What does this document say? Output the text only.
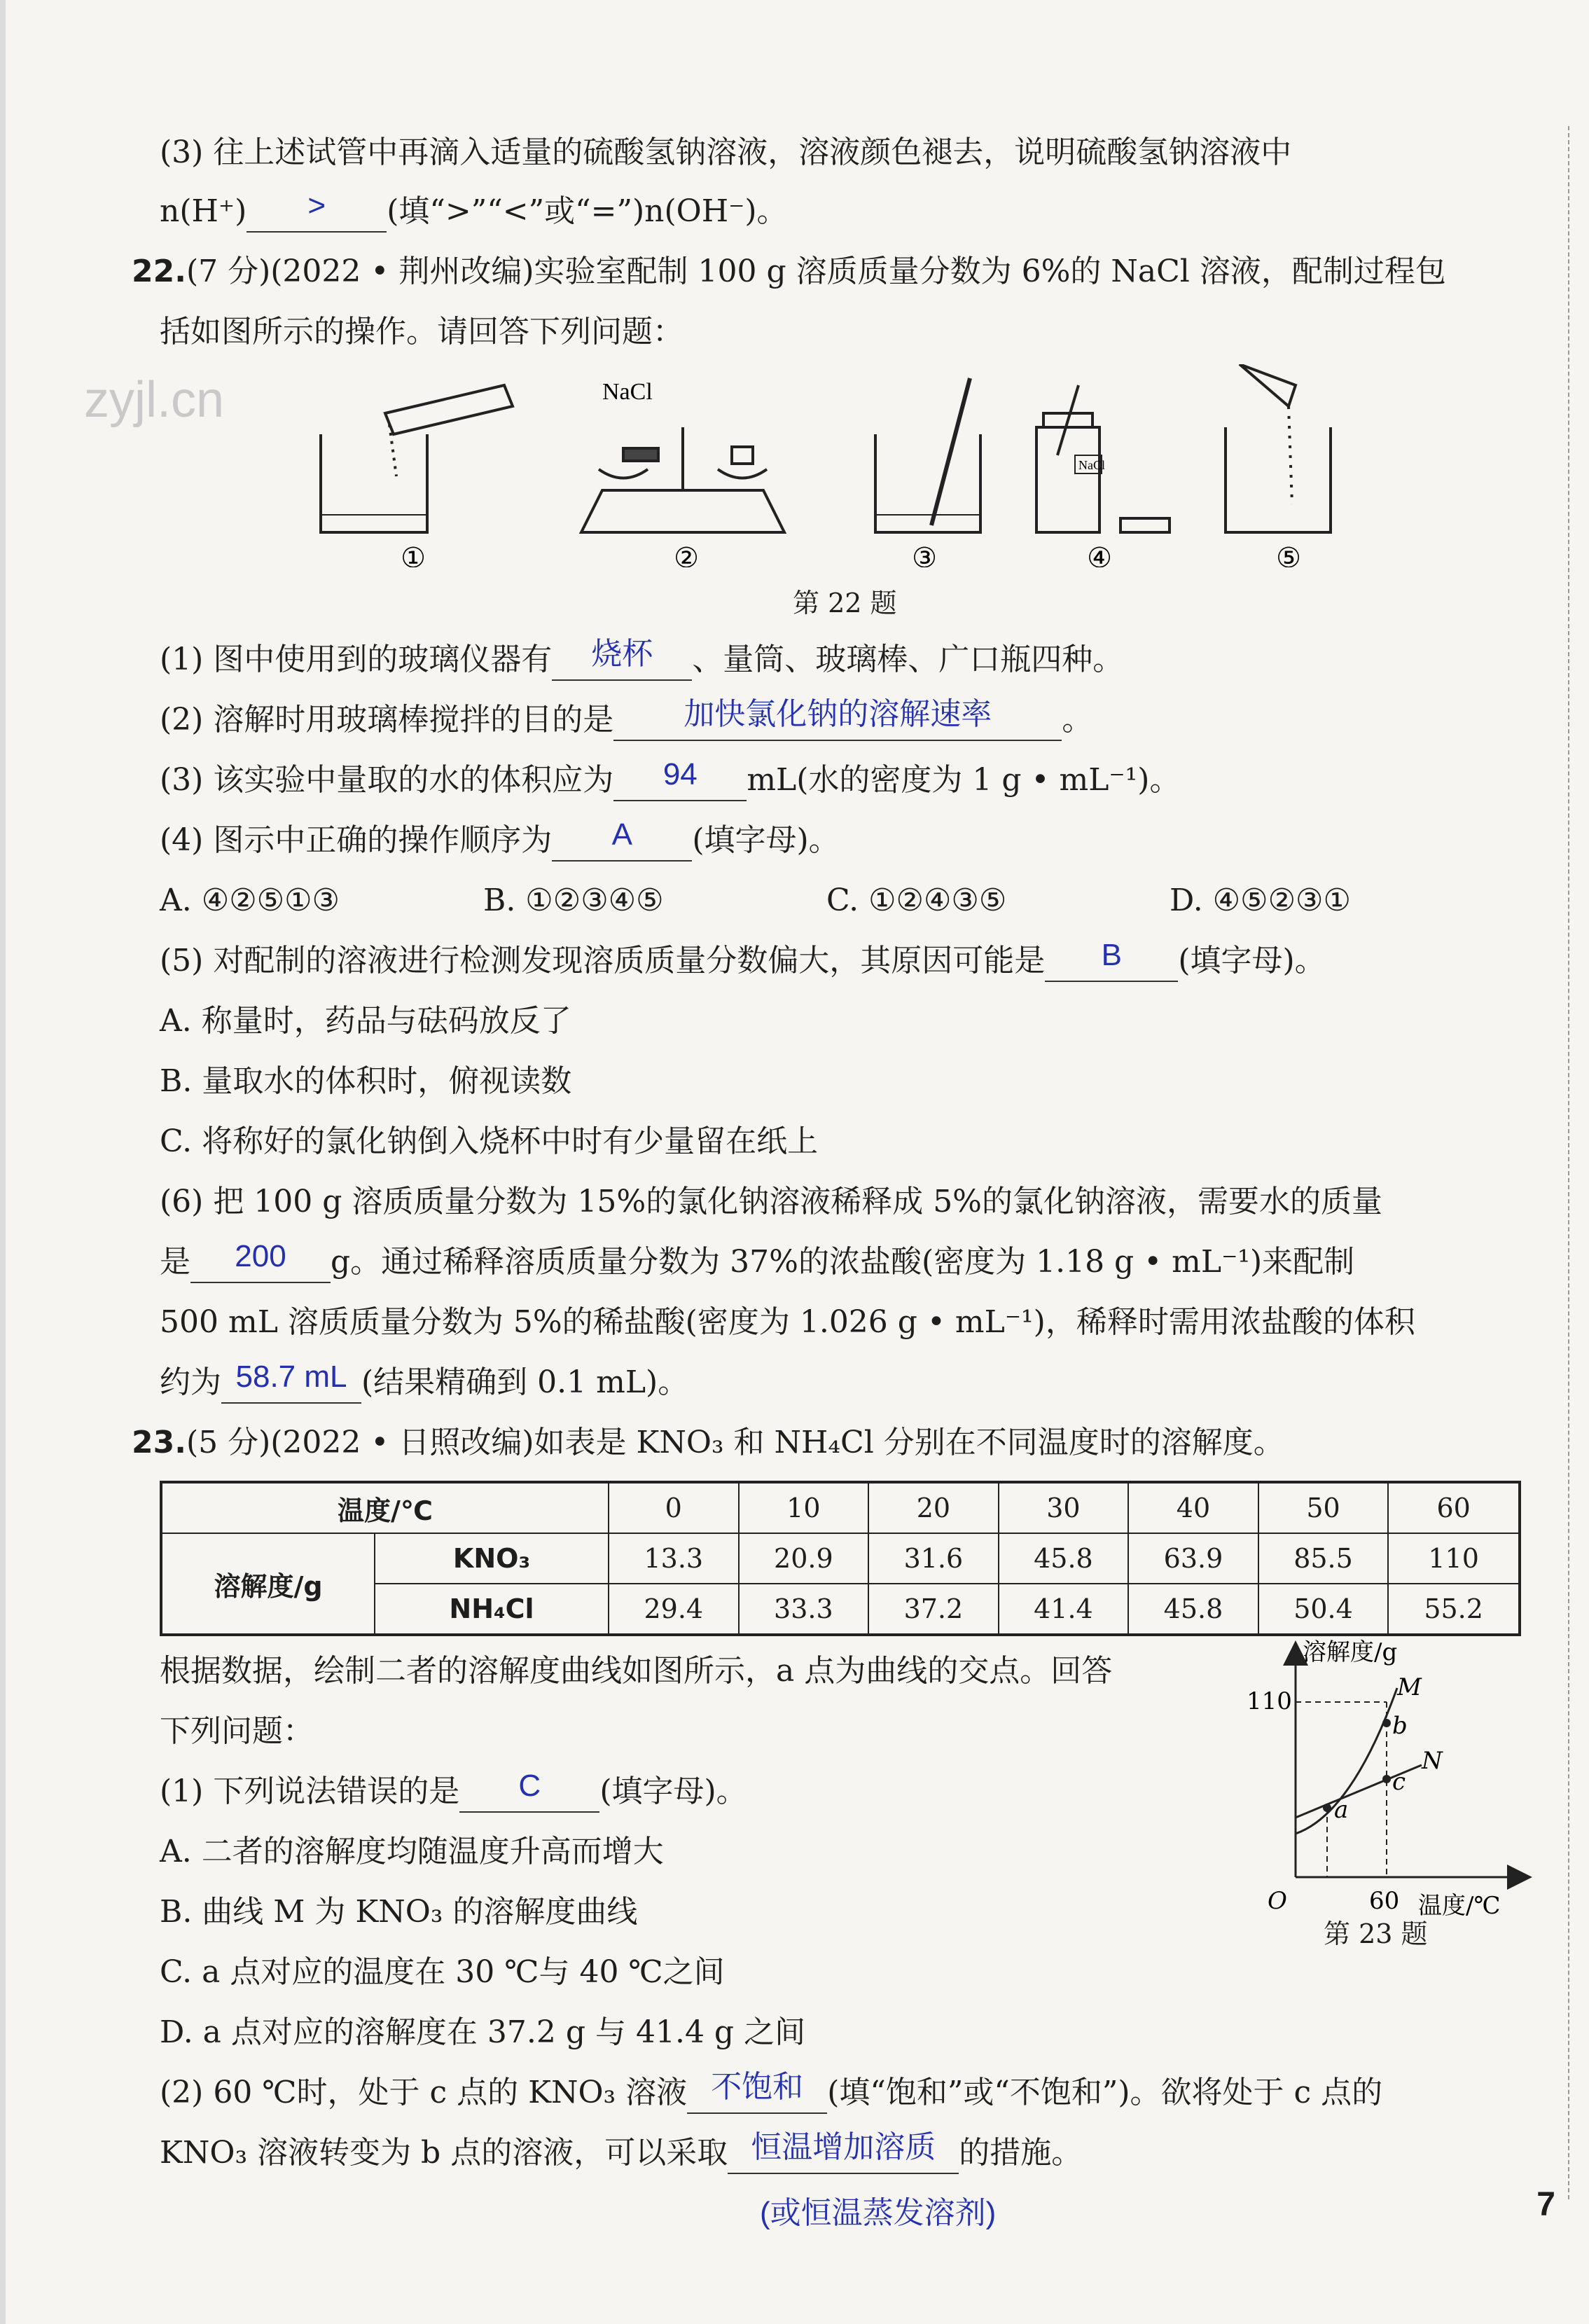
zyjl.cn
(3) 往上述试管中再滴入适量的硫酸氢钠溶液，溶液颜色褪去，说明硫酸氢钠溶液中
n(H⁺)	>	(填“>”“<”或“=”)n(OH⁻)。
22.(7 分)(2022 • 荆州改编)实验室配制 100 g 溶质质量分数为 6%的 NaCl 溶液，配制过程包
括如图所示的操作。请回答下列问题：
NaCl
NaCl
①	②	③	④	⑤
第 22 题
(1) 图中使用到的玻璃仪器有	烧杯	、量筒、玻璃棒、广口瓶四种。
(2) 溶解时用玻璃棒搅拌的目的是	加快氯化钠的溶解速率	。
(3) 该实验中量取的水的体积应为	94	mL(水的密度为 1 g • mL⁻¹)。
(4) 图示中正确的操作顺序为	A	(填字母)。
A. ④②⑤①③	B. ①②③④⑤	C. ①②④③⑤	D. ④⑤②③①
(5) 对配制的溶液进行检测发现溶质质量分数偏大，其原因可能是	B	(填字母)。
A. 称量时，药品与砝码放反了
B. 量取水的体积时，俯视读数
C. 将称好的氯化钠倒入烧杯中时有少量留在纸上
(6) 把 100 g 溶质质量分数为 15%的氯化钠溶液稀释成 5%的氯化钠溶液，需要水的质量
是	200	g。通过稀释溶质质量分数为 37%的浓盐酸(密度为 1.18 g • mL⁻¹)来配制
500 mL 溶质质量分数为 5%的稀盐酸(密度为 1.026 g • mL⁻¹)，稀释时需用浓盐酸的体积
约为 58.7 mL (结果精确到 0.1 mL)。
23.(5 分)(2022 • 日照改编)如表是 KNO₃ 和 NH₄Cl 分别在不同温度时的溶解度。
温度/℃		0	10	20	30	40	50	60
溶解度/g	KNO₃	13.3	20.9	31.6	45.8	63.9	85.5	110
	NH₄Cl	29.4	33.3	37.2	41.4	45.8	50.4	55.2
根据数据，绘制二者的溶解度曲线如图所示，a 点为曲线的交点。回答
下列问题：
(1) 下列说法错误的是	C	(填字母)。
A. 二者的溶解度均随温度升高而增大
B. 曲线 M 为 KNO₃ 的溶解度曲线
C. a 点对应的温度在 30 ℃与 40 ℃之间
D. a 点对应的溶解度在 37.2 g 与 41.4 g 之间
(2) 60 ℃时，处于 c 点的 KNO₃ 溶液 不饱和 (填“饱和”或“不饱和”)。欲将处于 c 点的
KNO₃ 溶液转变为 b 点的溶液，可以采取 恒温增加溶质 的措施。
(或恒温蒸发溶剂)
溶解度/g
110
60 温度/℃
O
M
N
a
b
c
第 23 题
7
